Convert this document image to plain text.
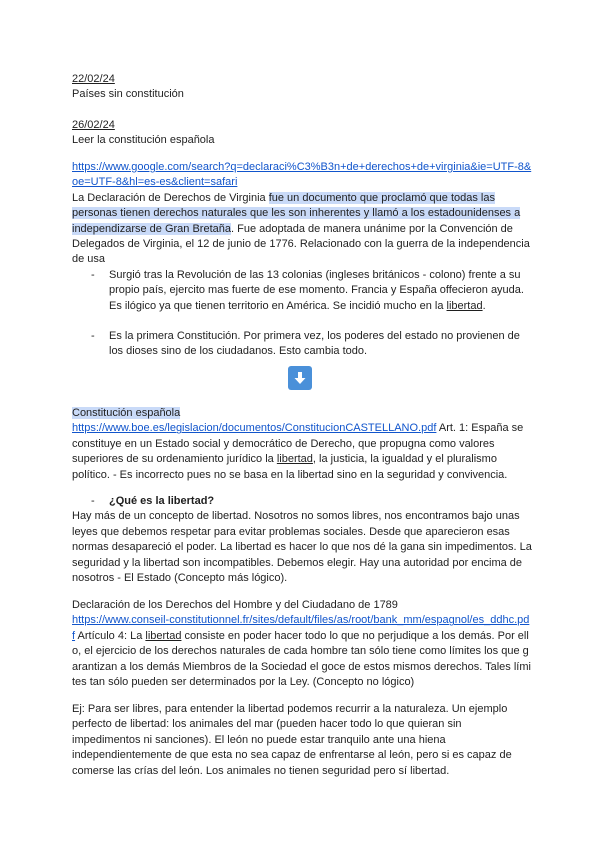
22/02/24

Países sin constitución

26/02/24

Leer la constitución española

https://www.google.com/search?q=declaraci%C3%B3n+de+derechos+de+virginia&ie=UTF-8&oe=UTF-8&hl=es-es&client=safari

La Declaración de Derechos de Virginia fue un documento que proclamó que todas las personas tienen derechos naturales que les son inherentes y llamó a los estadounidenses a independizarse de Gran Bretaña. Fue adoptada de manera unánime por la Convención de Delegados de Virginia, el 12 de junio de 1776. Relacionado con la guerra de la independencia de usa

- Surgió tras la Revolución de las 13 colonias (ingleses británicos - colono) frente a su propio país, ejercito mas fuerte de ese momento. Francia y España offecieron ayuda. Es ilógico ya que tienen territorio en América. Se incidió mucho en la libertad.
- Es la primera Constitución. Por primera vez, los poderes del estado no provienen de los dioses sino de los ciudadanos. Esto cambia todo.

Constitución española

https://www.boe.es/legislacion/documentos/ConstitucionCASTELLANO.pdf Art. 1: España se constituye en un Estado social y democrático de Derecho, que propugna como valores superiores de su ordenamiento jurídico la libertad, la justicia, la igualdad y el pluralismo político. - Es incorrecto pues no se basa en la libertad sino en la seguridad y convivencia.

- ¿Qué es la libertad?

Hay más de un concepto de libertad. Nosotros no somos libres, nos encontramos bajo unas leyes que debemos respetar para evitar problemas sociales. Desde que aparecieron esas normas desapareció el poder. La libertad es hacer lo que nos dé la gana sin impedimentos. La seguridad y la libertad son incompatibles. Debemos elegir. Hay una autoridad por encima de nosotros - El Estado (Concepto más lógico).

Declaración de los Derechos del Hombre y del Ciudadano de 1789

https://www.conseil-constitutionnel.fr/sites/default/files/as/root/bank_mm/espagnol/es_ddhc.pdf Artículo 4: La libertad consiste en poder hacer todo lo que no perjudique a los demás. Por ello, el ejercicio de los derechos naturales de cada hombre tan sólo tiene como límites los que garantizan a los demás Miembros de la Sociedad el goce de estos mismos derechos. Tales límites tan sólo pueden ser determinados por la Ley. (Concepto no lógico)

Ej: Para ser libres, para entender la libertad podemos recurrir a la naturaleza. Un ejemplo perfecto de libertad: los animales del mar (pueden hacer todo lo que quieran sin impedimentos ni sanciones). El león no puede estar tranquilo ante una hiena independientemente de que esta no sea capaz de enfrentarse al león, pero si es capaz de comerse las crías del león. Los animales no tienen seguridad pero sí libertad.
